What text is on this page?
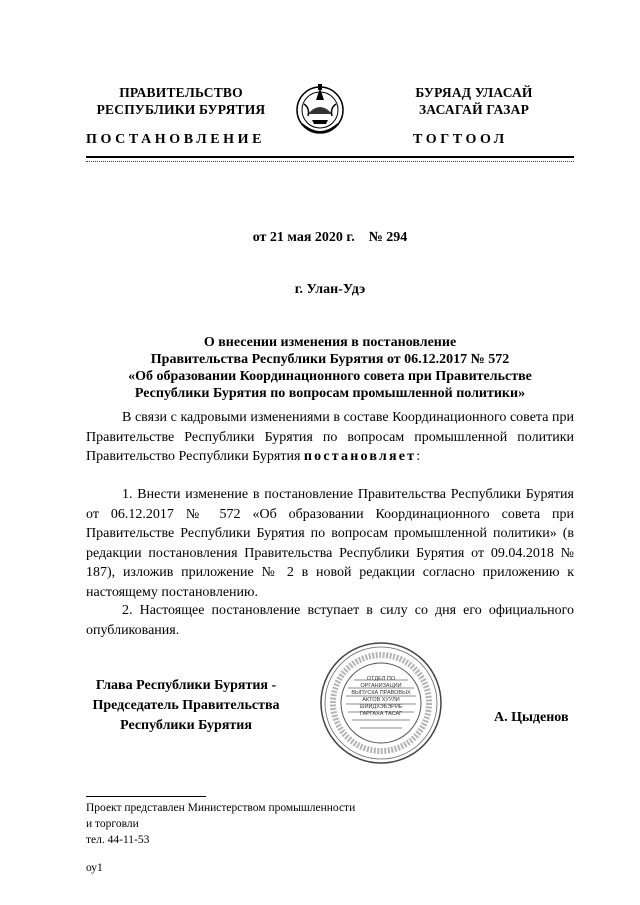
ПРАВИТЕЛЬСТВО
РЕСПУБЛИКИ БУРЯТИЯ
БУРЯАД УЛАСАЙ
ЗАСАГАЙ ГАЗАР
ПОСТАНОВЛЕНИЕ	ТОГТООЛ
от 21 мая 2020 г.    № 294
г. Улан-Удэ
О внесении изменения в постановление
Правительства Республики Бурятия от 06.12.2017 № 572
«Об образовании Координационного совета при Правительстве
Республики Бурятия по вопросам промышленной политики»
В связи с кадровыми изменениями в составе Координационного совета при Правительстве Республики Бурятия по вопросам промышленной политики Правительство Республики Бурятия постановляет:
1. Внести изменение в постановление Правительства Республики Бурятия от 06.12.2017 № 572 «Об образовании Координационного совета при Правительстве Республики Бурятия по вопросам промышленной политики» (в редакции постановления Правительства Республики Бурятия от 09.04.2018 № 187), изложив приложение № 2 в новой редакции согласно приложению к настоящему постановлению.
2. Настоящее постановление вступает в силу со дня его официального опубликования.
Глава Республики Бурятия -
Председатель Правительства
Республики Бурятия
ОТДЕЛ ПО ОРГАНИЗАЦИИ ВЫПУСКА ПРАВОВЫХ АКТОВ ХУУЛИ ШИИДХЭБЭРИЕ ГАРГАХА ТАСАГ	А. Цыденов
Проект представлен Министерством промышленности
и торговли
тел. 44-11-53
оу1
